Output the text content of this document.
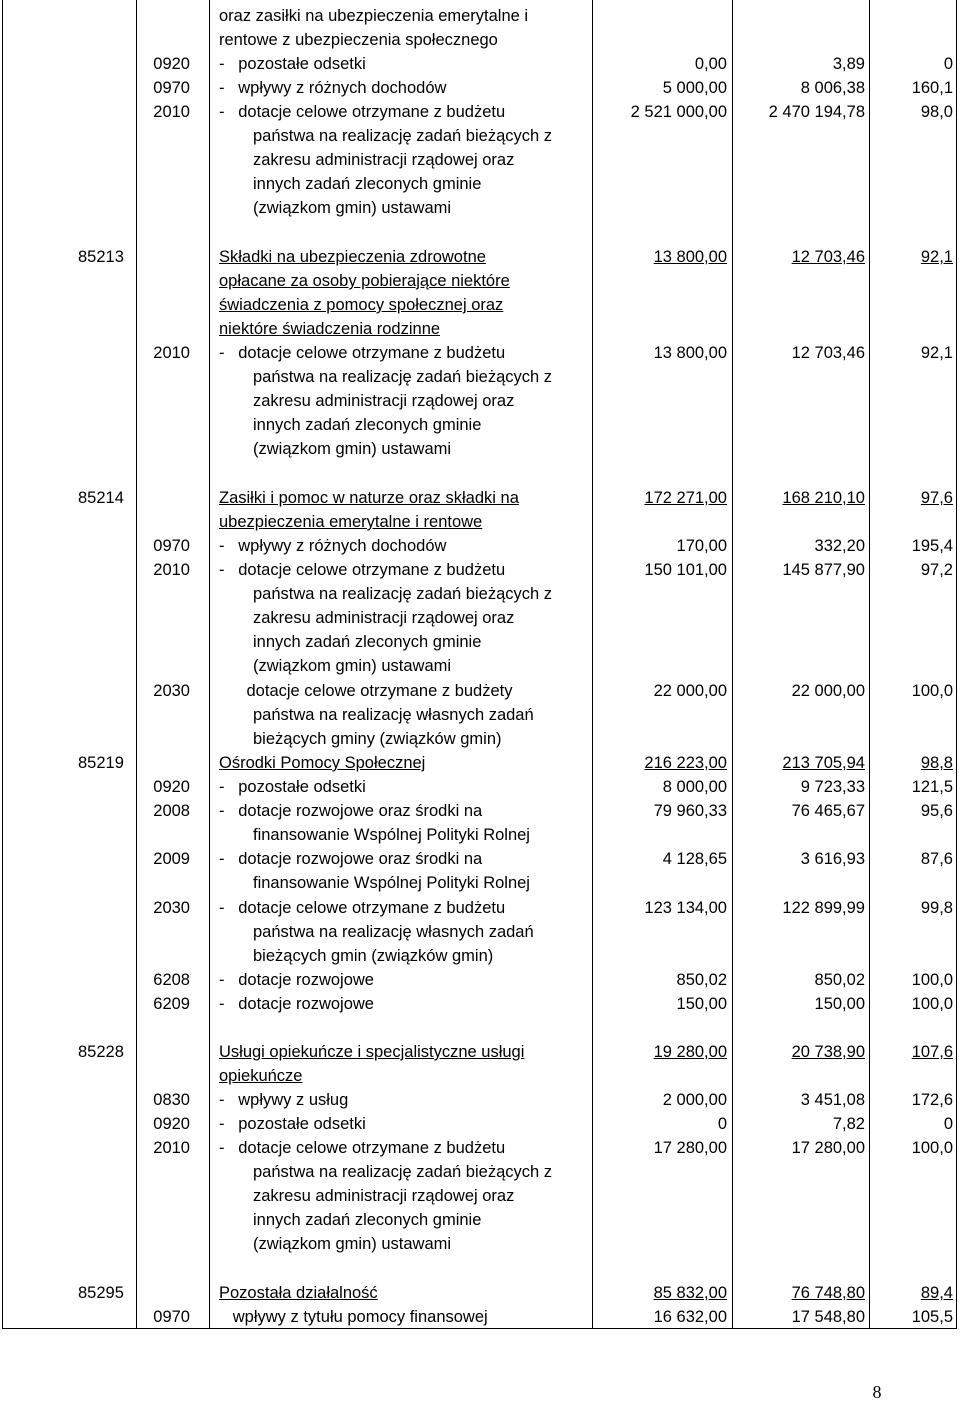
oraz zasiłki na ubezpieczenia emerytalne i
rentowe z ubezpieczenia społecznego
0920 -   pozostałe odsetki	0,00	3,89	0
0970 -   wpływy z różnych dochodów	5 000,00	8 006,38	160,1
2010 -   dotacje celowe otrzymane z budżetu	2 521 000,00	2 470 194,78	98,0
państwa na realizację zadań bieżących z
zakresu administracji rządowej oraz
innych zadań zleconych gminie
(związkom gmin) ustawami
85213	Składki na ubezpieczenia zdrowotne	13 800,00	12 703,46	92,1
opłacane za osoby pobierające niektóre
świadczenia z pomocy społecznej oraz
niektóre świadczenia rodzinne
2010 -   dotacje celowe otrzymane z budżetu	13 800,00	12 703,46	92,1
państwa na realizację zadań bieżących z
zakresu administracji rządowej oraz
innych zadań zleconych gminie
(związkom gmin) ustawami
85214	Zasiłki i pomoc w naturze oraz składki na	172 271,00	168 210,10	97,6
ubezpieczenia emerytalne i rentowe
0970 -   wpływy z różnych dochodów	170,00	332,20	195,4
2010 -   dotacje celowe otrzymane z budżetu	150 101,00	145 877,90	97,2
państwa na realizację zadań bieżących z
zakresu administracji rządowej oraz
innych zadań zleconych gminie
(związkom gmin) ustawami
2030 dotacje celowe otrzymane z budżety	22 000,00	22 000,00	100,0
państwa na realizację własnych zadań
bieżących gminy (związków gmin)
85219	Ośrodki Pomocy Społecznej	216 223,00	213 705,94	98,8
0920 -   pozostałe odsetki	8 000,00	9 723,33	121,5
2008 -   dotacje rozwojowe oraz środki na	79 960,33	76 465,67	95,6
finansowanie Wspólnej Polityki Rolnej
2009 -   dotacje rozwojowe oraz środki na	4 128,65	3 616,93	87,6
finansowanie Wspólnej Polityki Rolnej
2030 -   dotacje celowe otrzymane z budżetu	123 134,00	122 899,99	99,8
państwa na realizację własnych zadań
bieżących gmin (związków gmin)
6208 -   dotacje rozwojowe	850,02	850,02	100,0
6209 -   dotacje rozwojowe	150,00	150,00	100,0
85228	Usługi opiekuńcze i specjalistyczne usługi	19 280,00	20 738,90	107,6
opiekuńcze
0830 -   wpływy z usług	2 000,00	3 451,08	172,6
0920 -   pozostałe odsetki	0	7,82	0
2010 -   dotacje celowe otrzymane z budżetu	17 280,00	17 280,00	100,0
państwa na realizację zadań bieżących z
zakresu administracji rządowej oraz
innych zadań zleconych gminie
(związkom gmin) ustawami
85295	Pozostała działalność	85 832,00	76 748,80	89,4
0970 wpływy z tytułu pomocy finansowej	16 632,00	17 548,80	105,5
8
